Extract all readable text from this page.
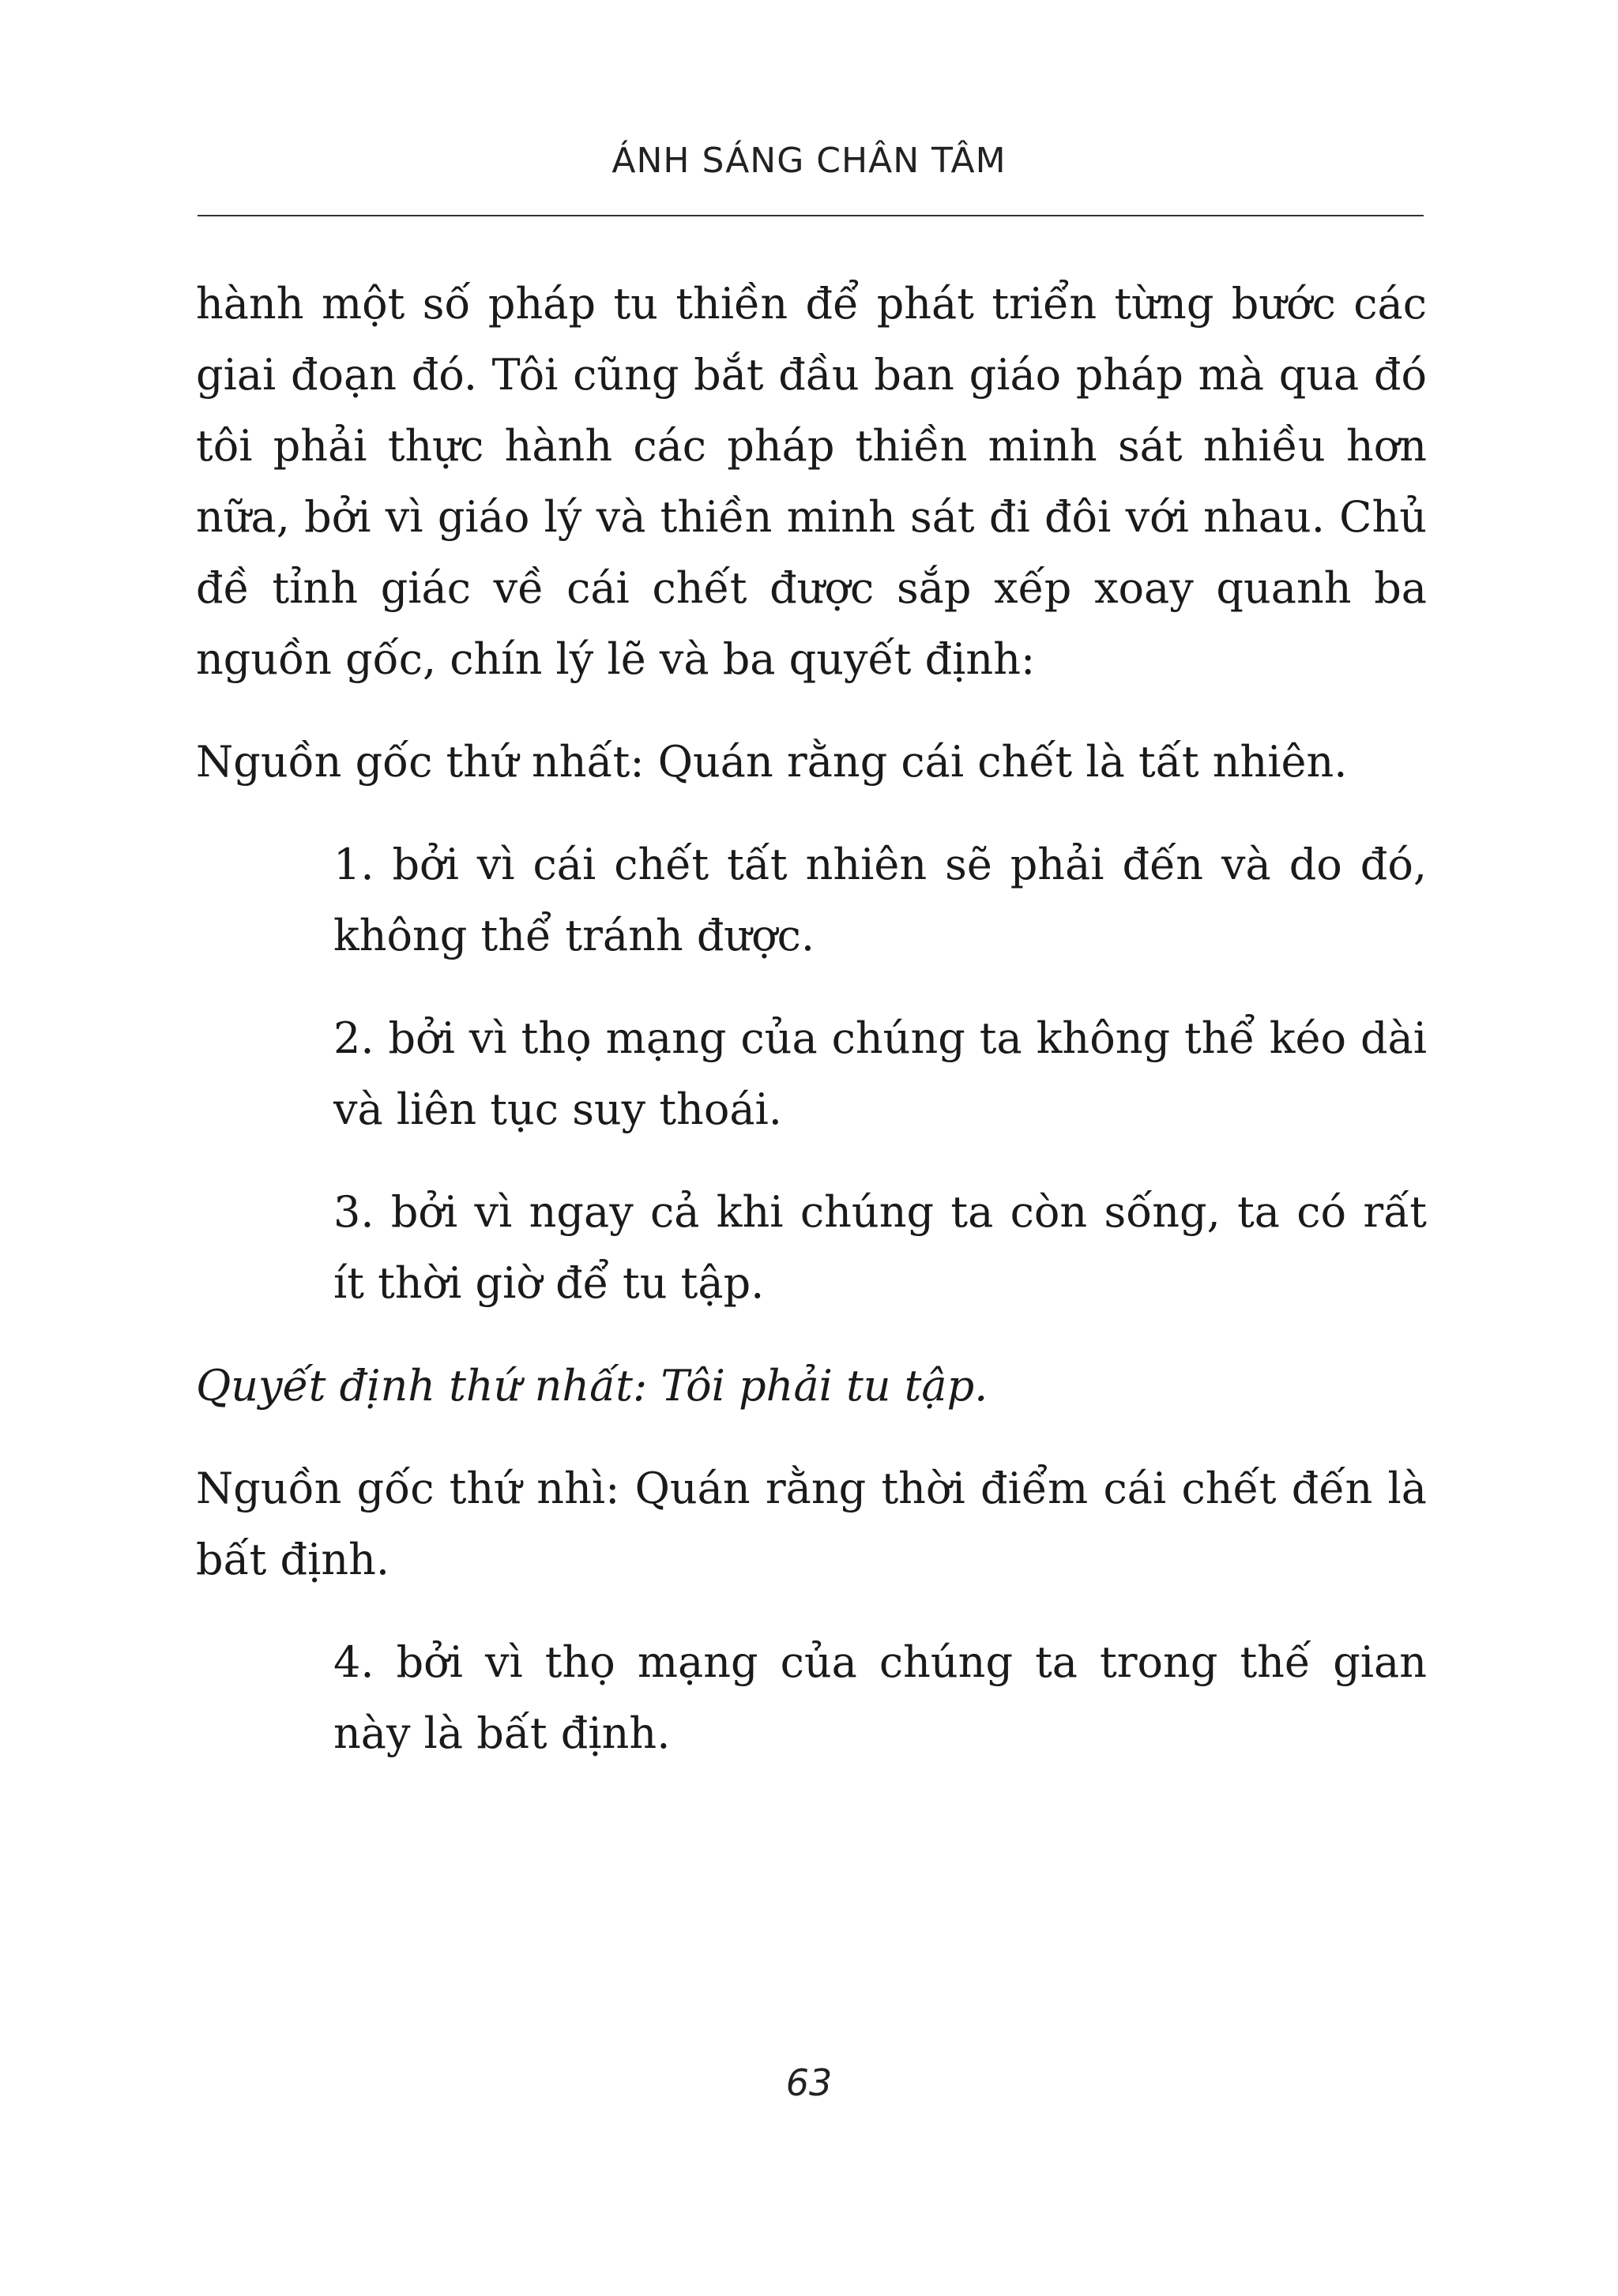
ÁNH SÁNG CHÂN TÂM

hành một số pháp tu thiền để phát triển từng bước các giai đoạn đó. Tôi cũng bắt đầu ban giáo pháp mà qua đó tôi phải thực hành các pháp thiền minh sát nhiều hơn nữa, bởi vì giáo lý và thiền minh sát đi đôi với nhau. Chủ đề tỉnh giác về cái chết được sắp xếp xoay quanh ba nguồn gốc, chín lý lẽ và ba quyết định:

Nguồn gốc thứ nhất: Quán rằng cái chết là tất nhiên.

1. bởi vì cái chết tất nhiên sẽ phải đến và do đó, không thể tránh được.

2. bởi vì thọ mạng của chúng ta không thể kéo dài và liên tục suy thoái.

3. bởi vì ngay cả khi chúng ta còn sống, ta có rất ít thời giờ để tu tập.

Quyết định thứ nhất: Tôi phải tu tập.

Nguồn gốc thứ nhì: Quán rằng thời điểm cái chết đến là bất định.

4. bởi vì thọ mạng của chúng ta trong thế gian này là bất định.

63
